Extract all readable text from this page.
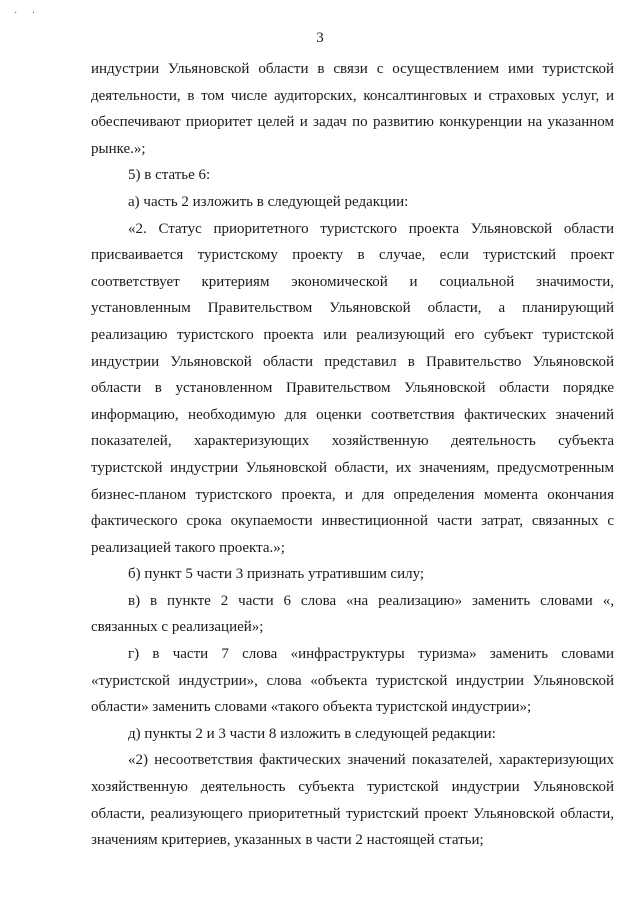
· ·
3

индустрии Ульяновской области в связи с осуществлением ими туристской деятельности, в том числе аудиторских, консалтинговых и страховых услуг, и обеспечивают приоритет целей и задач по развитию конкуренции на указанном рынке.»;

5) в статье 6:

а) часть 2 изложить в следующей редакции:

«2. Статус приоритетного туристского проекта Ульяновской области присваивается туристскому проекту в случае, если туристский проект соответствует критериям экономической и социальной значимости, установленным Правительством Ульяновской области, а планирующий реализацию туристского проекта или реализующий его субъект туристской индустрии Ульяновской области представил в Правительство Ульяновской области в установленном Правительством Ульяновской области порядке информацию, необходимую для оценки соответствия фактических значений показателей, характеризующих хозяйственную деятельность субъекта туристской индустрии Ульяновской области, их значениям, предусмотренным бизнес-планом туристского проекта, и для определения момента окончания фактического срока окупаемости инвестиционной части затрат, связанных с реализацией такого проекта.»;

б) пункт 5 части 3 признать утратившим силу;

в) в пункте 2 части 6 слова «на реализацию» заменить словами «, связанных с реализацией»;

г) в части 7 слова «инфраструктуры туризма» заменить словами «туристской индустрии», слова «объекта туристской индустрии Ульяновской области» заменить словами «такого объекта туристской индустрии»;

д) пункты 2 и 3 части 8 изложить в следующей редакции:

«2) несоответствия фактических значений показателей, характеризующих хозяйственную деятельность субъекта туристской индустрии Ульяновской области, реализующего приоритетный туристский проект Ульяновской области, значениям критериев, указанных в части 2 настоящей статьи;
